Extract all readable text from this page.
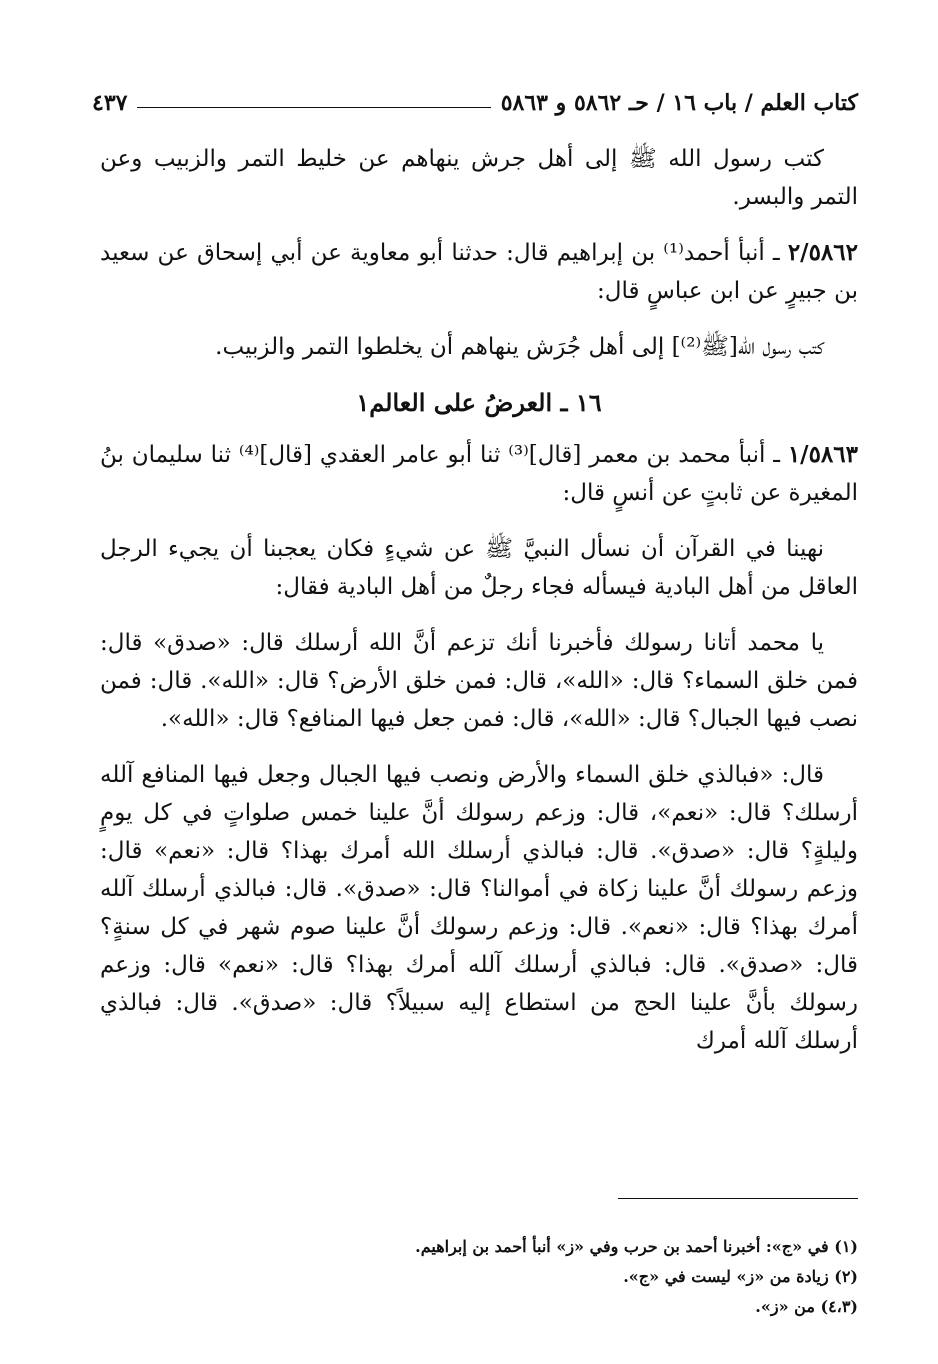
كتاب العلم / باب ١٦ / حـ ٥٨٦٢ و ٥٨٦٣
٤٣٧

كتب رسول الله ﷺ إلى أهل جرش ينهاهم عن خليط التمر والزبيب وعن التمر والبسر.

٢/٥٨٦٢ ـ أنبأ أحمد⁽¹⁾ بن إبراهيم قال: حدثنا أبو معاوية عن أبي إسحاق عن سعيد بن جبيرٍ عن ابن عباسٍ قال:

كتب رسول الله[ﷺ⁽²⁾] إلى أهل جُرَش ينهاهم أن يخلطوا التمر والزبيب.

١٦ ـ العرضُ على العالم١

١/٥٨٦٣ ـ أنبأ محمد بن معمر [قال]⁽³⁾ ثنا أبو عامر العقدي [قال]⁽⁴⁾ ثنا سليمان بنُ المغيرة عن ثابتٍ عن أنسٍ قال:

نهينا في القرآن أن نسأل النبيَّ ﷺ عن شيءٍ فكان يعجبنا أن يجيء الرجل العاقل من أهل البادية فيسأله فجاء رجلٌ من أهل البادية فقال:

يا محمد أتانا رسولك فأخبرنا أنك تزعم أنَّ الله أرسلك قال: «صدق» قال: فمن خلق السماء؟ قال: «الله»، قال: فمن خلق الأرض؟ قال: «الله». قال: فمن نصب فيها الجبال؟ قال: «الله»، قال: فمن جعل فيها المنافع؟ قال: «الله».

قال: «فبالذي خلق السماء والأرض ونصب فيها الجبال وجعل فيها المنافع آلله أرسلك؟ قال: «نعم»، قال: وزعم رسولك أنَّ علينا خمس صلواتٍ في كل يومٍ وليلةٍ؟ قال: «صدق». قال: فبالذي أرسلك الله أمرك بهذا؟ قال: «نعم» قال: وزعم رسولك أنَّ علينا زكاة في أموالنا؟ قال: «صدق». قال: فبالذي أرسلك آلله أمرك بهذا؟ قال: «نعم». قال: وزعم رسولك أنَّ علينا صوم شهر في كل سنةٍ؟ قال: «صدق». قال: فبالذي أرسلك آلله أمرك بهذا؟ قال: «نعم» قال: وزعم رسولك بأنَّ علينا الحج من استطاع إليه سبيلاً؟ قال: «صدق». قال: فبالذي أرسلك آلله أمرك

(١) في «ج»: أخبرنا أحمد بن حرب وفي «ز» أنبأ أحمد بن إبراهيم.
(٢) زيادة من «ز» ليست في «ج».
(٤،٣) من «ز».
